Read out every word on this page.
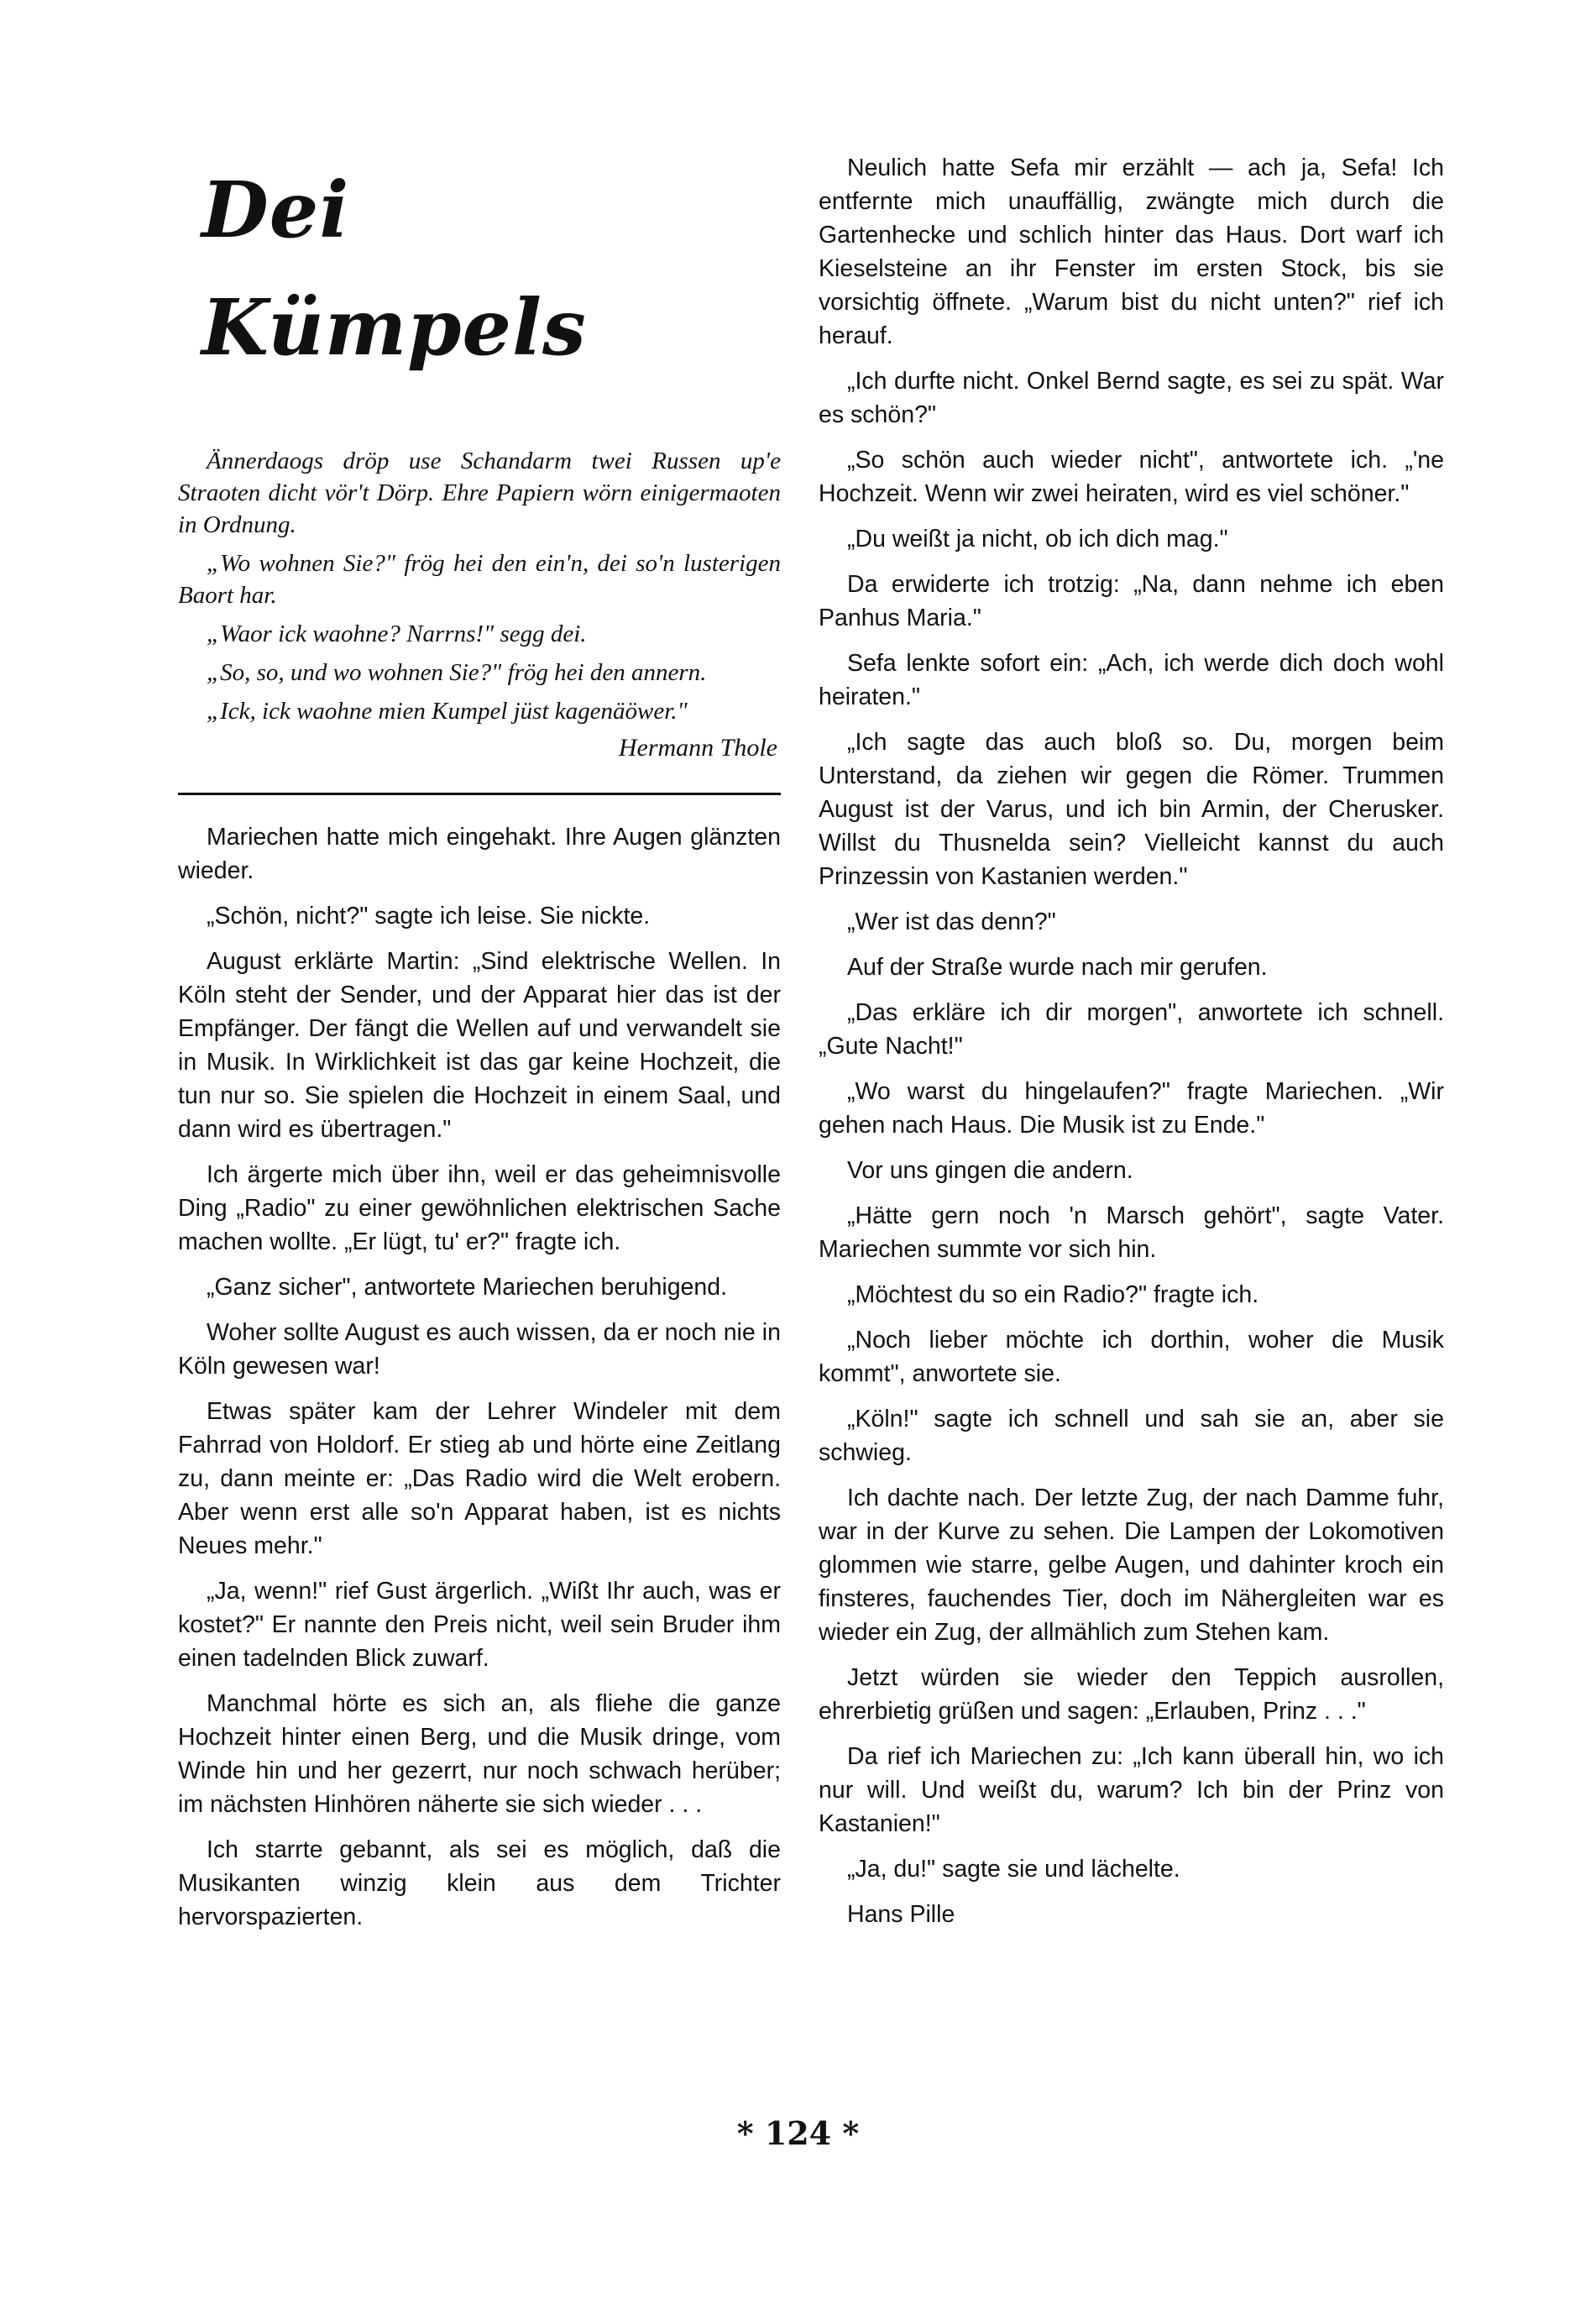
Dei
Kümpels

Ännerdaogs dröp use Schandarm twei Russen up'e Straoten dicht vör't Dörp. Ehre Papiern wörn einigermaoten in Ordnung.

„Wo wohnen Sie?" frög hei den ein'n, dei so'n lusterigen Baort har.

„Waor ick waohne? Narrns!" segg dei.

„So, so, und wo wohnen Sie?" frög hei den annern.

„Ick, ick waohne mien Kumpel jüst kagenäöwer."

Hermann Thole

Mariechen hatte mich eingehakt. Ihre Augen glänzten wieder.

„Schön, nicht?" sagte ich leise. Sie nickte.

August erklärte Martin: „Sind elektrische Wellen. In Köln steht der Sender, und der Apparat hier das ist der Empfänger. Der fängt die Wellen auf und verwandelt sie in Musik. In Wirklichkeit ist das gar keine Hochzeit, die tun nur so. Sie spielen die Hochzeit in einem Saal, und dann wird es übertragen."

Ich ärgerte mich über ihn, weil er das geheimnisvolle Ding „Radio" zu einer gewöhnlichen elektrischen Sache machen wollte. „Er lügt, tu' er?" fragte ich.

„Ganz sicher", antwortete Mariechen beruhigend.

Woher sollte August es auch wissen, da er noch nie in Köln gewesen war!

Etwas später kam der Lehrer Windeler mit dem Fahrrad von Holdorf. Er stieg ab und hörte eine Zeitlang zu, dann meinte er: „Das Radio wird die Welt erobern. Aber wenn erst alle so'n Apparat haben, ist es nichts Neues mehr."

„Ja, wenn!" rief Gust ärgerlich. „Wißt Ihr auch, was er kostet?" Er nannte den Preis nicht, weil sein Bruder ihm einen tadelnden Blick zuwarf.

Manchmal hörte es sich an, als fliehe die ganze Hochzeit hinter einen Berg, und die Musik dringe, vom Winde hin und her gezerrt, nur noch schwach herüber; im nächsten Hinhören näherte sie sich wieder . . .

Ich starrte gebannt, als sei es möglich, daß die Musikanten winzig klein aus dem Trichter hervorspazierten.

Neulich hatte Sefa mir erzählt — ach ja, Sefa! Ich entfernte mich unauffällig, zwängte mich durch die Gartenhecke und schlich hinter das Haus. Dort warf ich Kieselsteine an ihr Fenster im ersten Stock, bis sie vorsichtig öffnete. „Warum bist du nicht unten?" rief ich herauf.

„Ich durfte nicht. Onkel Bernd sagte, es sei zu spät. War es schön?"

„So schön auch wieder nicht", antwortete ich. „'ne Hochzeit. Wenn wir zwei heiraten, wird es viel schöner."

„Du weißt ja nicht, ob ich dich mag."

Da erwiderte ich trotzig: „Na, dann nehme ich eben Panhus Maria."

Sefa lenkte sofort ein: „Ach, ich werde dich doch wohl heiraten."

„Ich sagte das auch bloß so. Du, morgen beim Unterstand, da ziehen wir gegen die Römer. Trummen August ist der Varus, und ich bin Armin, der Cherusker. Willst du Thusnelda sein? Vielleicht kannst du auch Prinzessin von Kastanien werden."

„Wer ist das denn?"

Auf der Straße wurde nach mir gerufen.

„Das erkläre ich dir morgen", anwortete ich schnell. „Gute Nacht!"

„Wo warst du hingelaufen?" fragte Mariechen. „Wir gehen nach Haus. Die Musik ist zu Ende."

Vor uns gingen die andern.

„Hätte gern noch 'n Marsch gehört", sagte Vater. Mariechen summte vor sich hin.

„Möchtest du so ein Radio?" fragte ich.

„Noch lieber möchte ich dorthin, woher die Musik kommt", anwortete sie.

„Köln!" sagte ich schnell und sah sie an, aber sie schwieg.

Ich dachte nach. Der letzte Zug, der nach Damme fuhr, war in der Kurve zu sehen. Die Lampen der Lokomotiven glommen wie starre, gelbe Augen, und dahinter kroch ein finsteres, fauchendes Tier, doch im Nähergleiten war es wieder ein Zug, der allmählich zum Stehen kam.

Jetzt würden sie wieder den Teppich ausrollen, ehrerbietig grüßen und sagen: „Erlauben, Prinz . . ."

Da rief ich Mariechen zu: „Ich kann überall hin, wo ich nur will. Und weißt du, warum? Ich bin der Prinz von Kastanien!"

„Ja, du!" sagte sie und lächelte.

Hans Pille

* 124 *
